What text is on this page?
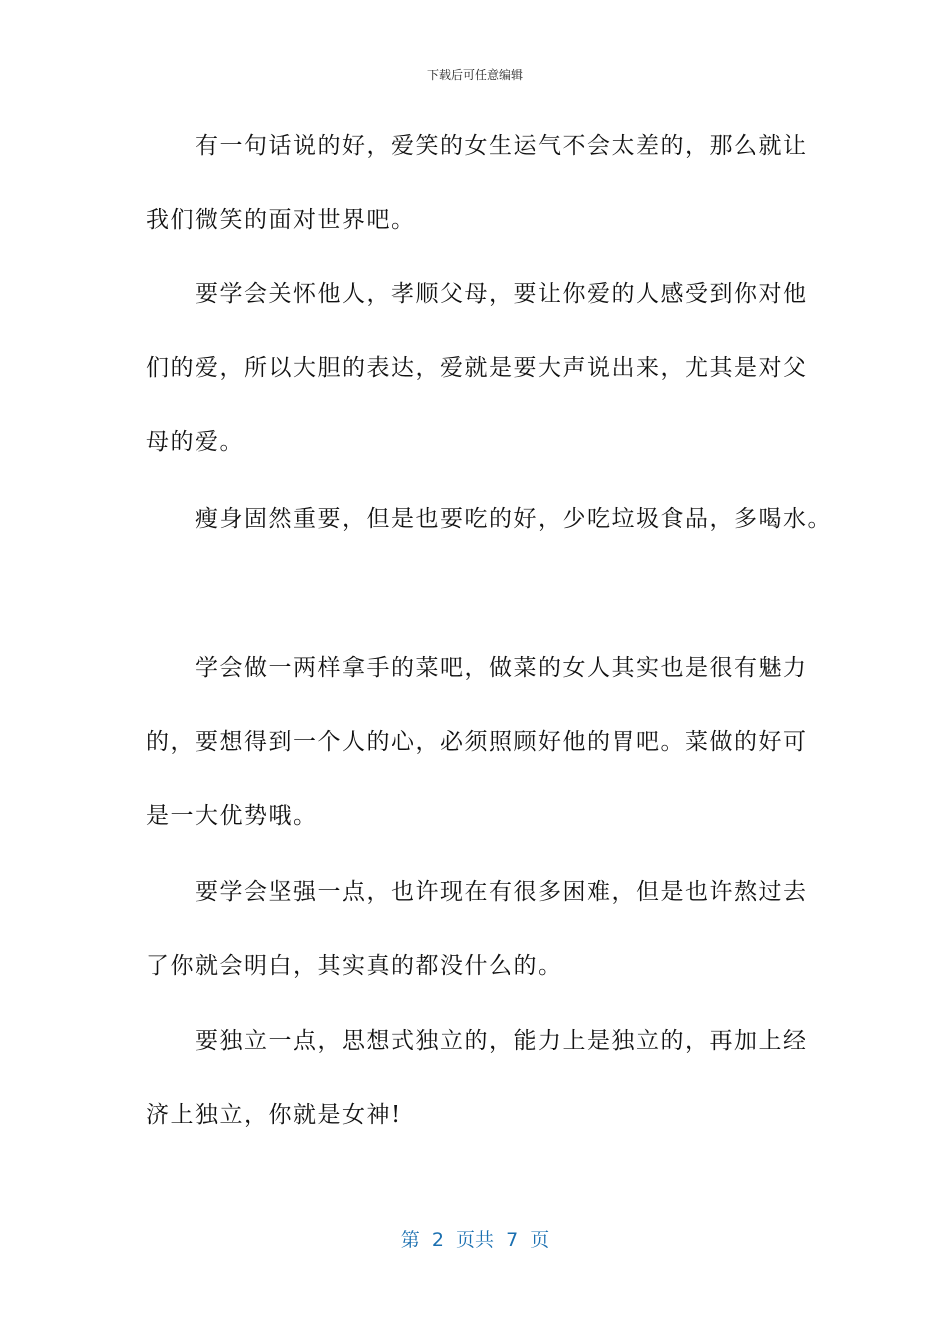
下载后可任意编辑
　　有一句话说的好，爱笑的女生运气不会太差的，那么就让
我们微笑的面对世界吧。
　　要学会关怀他人，孝顺父母，要让你爱的人感受到你对他
们的爱，所以大胆的表达，爱就是要大声说出来，尤其是对父
母的爱。
　　瘦身固然重要，但是也要吃的好，少吃垃圾食品，多喝水。
　　学会做一两样拿手的菜吧，做菜的女人其实也是很有魅力
的，要想得到一个人的心，必须照顾好他的胃吧。菜做的好可
是一大优势哦。
　　要学会坚强一点，也许现在有很多困难，但是也许熬过去
了你就会明白，其实真的都没什么的。
　　要独立一点，思想式独立的，能力上是独立的，再加上经
济上独立，你就是女神!
第  2  页共  7  页
